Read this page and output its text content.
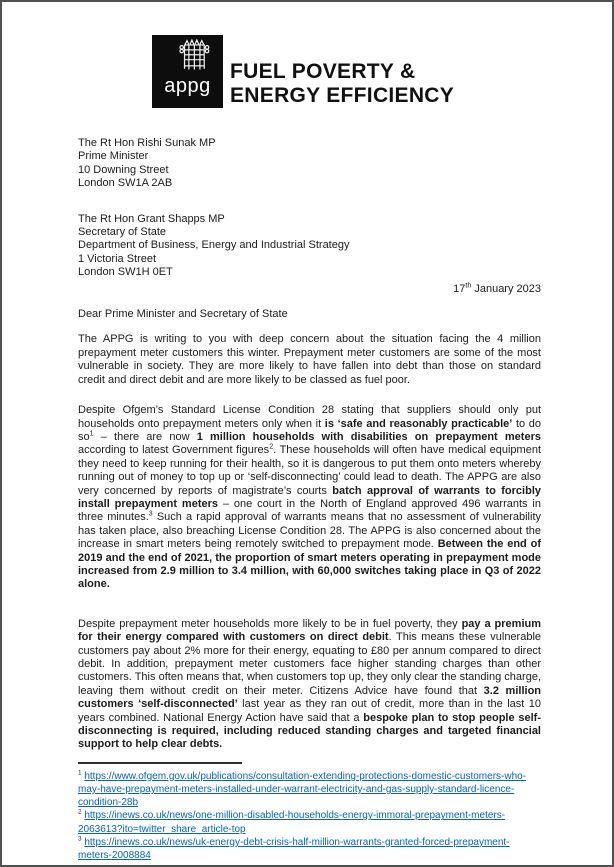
appg
FUEL POVERTY &
ENERGY EFFICIENCY
The Rt Hon Rishi Sunak MP
Prime Minister
10 Downing Street
London SW1A 2AB
The Rt Hon Grant Shapps MP
Secretary of State
Department of Business, Energy and Industrial Strategy
1 Victoria Street
London SW1H 0ET
17th January 2023
Dear Prime Minister and Secretary of State

The APPG is writing to you with deep concern about the situation facing the 4 million prepayment meter customers this winter. Prepayment meter customers are some of the most vulnerable in society. They are more likely to have fallen into debt than those on standard credit and direct debit and are more likely to be classed as fuel poor.

Despite Ofgem’s Standard License Condition 28 stating that suppliers should only put households onto prepayment meters only when it is ‘safe and reasonably practicable’ to do $so^1$ – there are now 1 million households with disabilities on prepayment meters according to latest Government figures$^2$. These households will often have medical equipment they need to keep running for their health, so it is dangerous to put them onto meters whereby running out of money to top up or ‘self-disconnecting’ could lead to death. The APPG are also very concerned by reports of magistrate’s courts batch approval of warrants to forcibly install prepayment meters – one court in the North of England approved 496 warrants in three minutes.$^3$ Such a rapid approval of warrants means that no assessment of vulnerability has taken place, also breaching License Condition 28. The APPG is also concerned about the increase in smart meters being remotely switched to prepayment mode. Between the end of 2019 and the end of 2021, the proportion of smart meters operating in prepayment mode increased from 2.9 million to 3.4 million, with 60,000 switches taking place in Q3 of 2022 alone.

Despite prepayment meter households more likely to be in fuel poverty, they pay a premium for their energy compared with customers on direct debit. This means these vulnerable customers pay about 2% more for their energy, equating to £80 per annum compared to direct debit. In addition, prepayment meter customers face higher standing charges than other customers. This often means that, when customers top up, they only clear the standing charge, leaving them without credit on their meter. Citizens Advice have found that 3.2 million customers ‘self-disconnected’ last year as they ran out of credit, more than in the last 10 years combined. National Energy Action have said that a bespoke plan to stop people self-disconnecting is required, including reduced standing charges and targeted financial support to help clear debts.

$^1$ https://www.ofgem.gov.uk/publications/consultation-extending-protections-domestic-customers-who-may-have-prepayment-meters-installed-under-warrant-electricity-and-gas-supply-standard-licence-condition-28b
$^2$ https://inews.co.uk/news/one-million-disabled-households-energy-immoral-prepayment-meters-2063613?ito=twitter_share_article-top
$^3$ https://inews.co.uk/news/uk-energy-debt-crisis-half-million-warrants-granted-forced-prepayment-meters-2008884
